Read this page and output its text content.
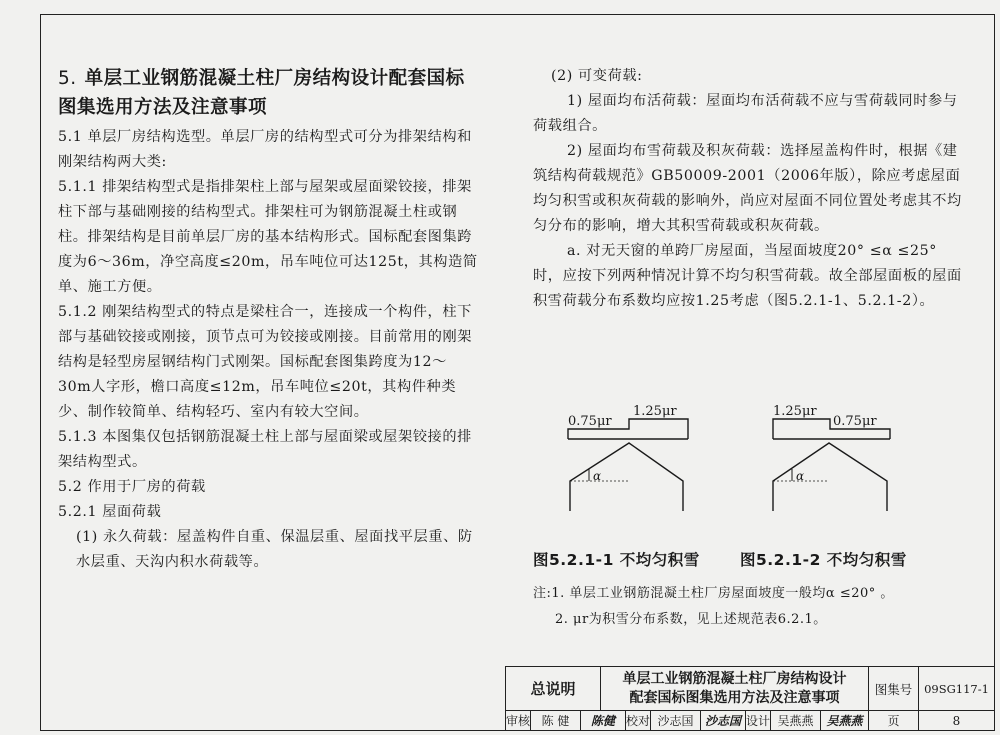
5. 单层工业钢筋混凝土柱厂房结构设计配套国标图集选用方法及注意事项

5.1 单层厂房结构选型。单层厂房的结构型式可分为排架结构和刚架结构两大类:

5.1.1 排架结构型式是指排架柱上部与屋架或屋面梁铰接，排架柱下部与基础刚接的结构型式。排架柱可为钢筋混凝土柱或钢柱。排架结构是目前单层厂房的基本结构形式。国标配套图集跨度为6～36m，净空高度≤20m，吊车吨位可达125t，其构造简单、施工方便。

5.1.2 刚架结构型式的特点是梁柱合一，连接成一个构件，柱下部与基础铰接或刚接，顶节点可为铰接或刚接。目前常用的刚架结构是轻型房屋钢结构门式刚架。国标配套图集跨度为12～30m人字形，檐口高度≤12m，吊车吨位≤20t，其构件种类少、制作较简单、结构轻巧、室内有较大空间。

5.1.3 本图集仅包括钢筋混凝土柱上部与屋面梁或屋架铰接的排架结构型式。

5.2 作用于厂房的荷载

5.2.1 屋面荷载

(1) 永久荷载：屋盖构件自重、保温层重、屋面找平层重、防水层重、天沟内积水荷载等。

(2) 可变荷载:

1) 屋面均布活荷载：屋面均布活荷载不应与雪荷载同时参与荷载组合。

2) 屋面均布雪荷载及积灰荷载：选择屋盖构件时，根据《建筑结构荷载规范》GB50009-2001（2006年版），除应考虑屋面均匀积雪或积灰荷载的影响外，尚应对屋面不同位置处考虑其不均匀分布的影响，增大其积雪荷载或积灰荷载。

a. 对无天窗的单跨厂房屋面，当屋面坡度20° ≤α ≤25° 时，应按下列两种情况计算不均匀积雪荷载。故全部屋面板的屋面积雪荷载分布系数均应按1.25考虑（图5.2.1-1、5.2.1-2）。

0.75μr
1.25μr
α
1.25μr
0.75μr
α
图5.2.1-1 不均匀积雪	图5.2.1-2 不均匀积雪
注:1. 单层工业钢筋混凝土柱厂房屋面坡度一般均α ≤20° 。
2. μr为积雪分布系数，见上述规范表6.2.1。
总说明
单层工业钢筋混凝土柱厂房结构设计
配套国标图集选用方法及注意事项
图集号	09SG117-1
审核 陈 健	陈健 校对 沙志国 沙志国 设计 吴燕燕	吴燕燕	页	8
